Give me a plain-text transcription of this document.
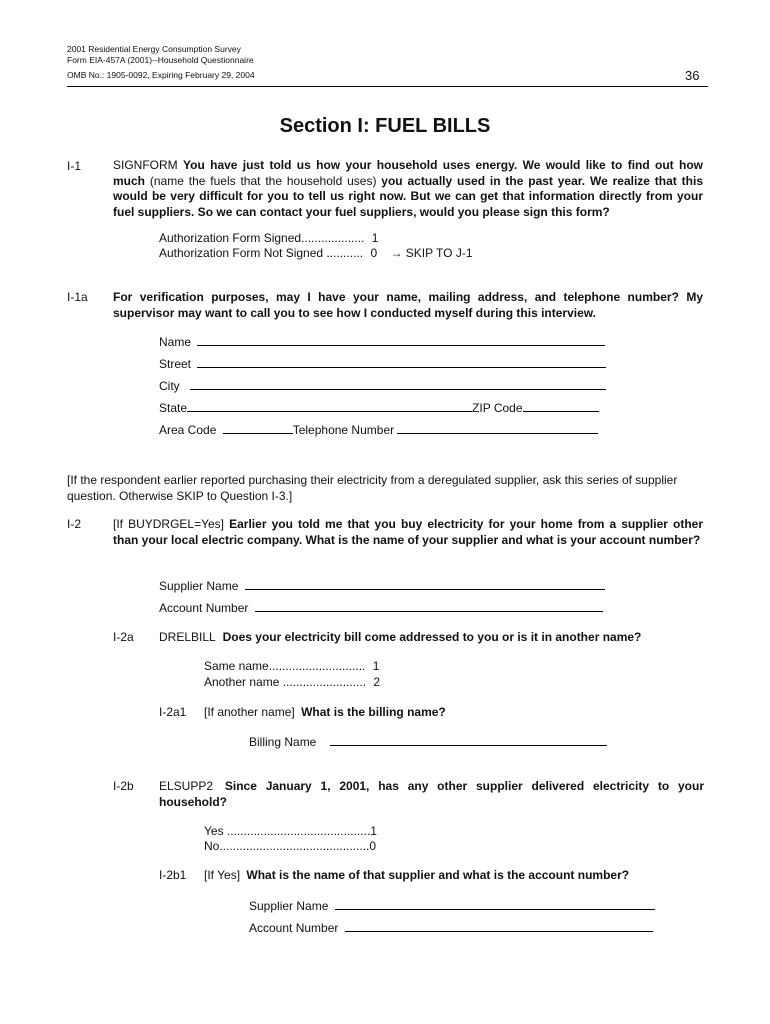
2001 Residential Energy Consumption Survey
Form EIA-457A (2001)--Household Questionnaire
OMB No.: 1905-0092, Expiring February 29, 2004	36
Section I: FUEL BILLS
I-1	SIGNFORM You have just told us how your household uses energy. We would like to find out how much (name the fuels that the household uses) you actually used in the past year. We realize that this would be very difficult for you to tell us right now. But we can get that information directly from your fuel suppliers. So we can contact your fuel suppliers, would you please sign this form?
Authorization Form Signed................... 1
Authorization Form Not Signed ........... 0 → SKIP TO J-1
I-1a For verification purposes, may I have your name, mailing address, and telephone number? My supervisor may want to call you to see how I conducted myself during this interview.
Name
Street
City
State	ZIP Code
Area Code	Telephone Number
[If the respondent earlier reported purchasing their electricity from a deregulated supplier, ask this series of supplier question. Otherwise SKIP to Question I-3.]
I-2	[If BUYDRGEL=Yes] Earlier you told me that you buy electricity for your home from a supplier other than your local electric company. What is the name of your supplier and what is your account number?
Supplier Name
Account Number
I-2a DRELBILL Does your electricity bill come addressed to you or is it in another name?
Same name............................. 1
Another name ......................... 2
I-2a1 [If another name] What is the billing name?
Billing Name
I-2b ELSUPP2 Since January 1, 2001, has any other supplier delivered electricity to your household?
Yes ...........................................1
No.............................................0
I-2b1 [If Yes] What is the name of that supplier and what is the account number?
Supplier Name
Account Number
